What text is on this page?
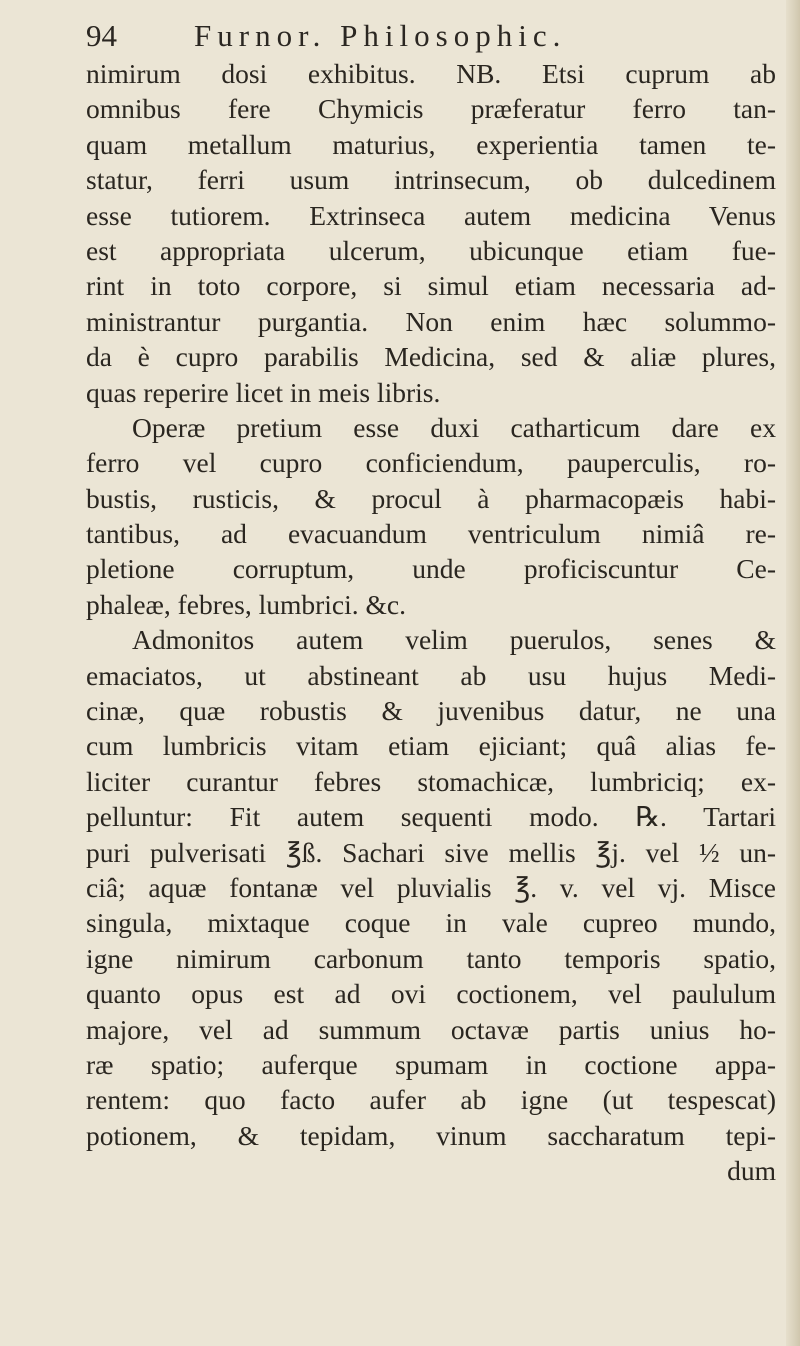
94 Furnor. Philosophic.
nimirum dosi exhibitus. NB. Etsi cuprum ab
omnibus fere Chymicis præferatur ferro tan-
quam metallum maturius, experientia tamen te-
statur, ferri usum intrinsecum, ob dulcedinem
esse tutiorem. Extrinseca autem medicina Venus
est appropriata ulcerum, ubicunque etiam fue-
rint in toto corpore, si simul etiam necessaria ad-
ministrantur purgantia. Non enim hæc solummo-
da è cupro parabilis Medicina, sed & aliæ plures,
quas reperire licet in meis libris.
Operæ pretium esse duxi catharticum dare ex
ferro vel cupro conficiendum, pauperculis, ro-
bustis, rusticis, & procul à pharmacopæis habi-
tantibus, ad evacuandum ventriculum nimiâ re-
pletione corruptum, unde proficiscuntur Ce-
phaleæ, febres, lumbrici. &c.
Admonitos autem velim puerulos, senes &
emaciatos, ut abstineant ab usu hujus Medi-
cinæ, quæ robustis & juvenibus datur, ne una
cum lumbricis vitam etiam ejiciant; quâ alias fe-
liciter curantur febres stomachicæ, lumbriciq; ex-
pelluntur: Fit autem sequenti modo. ℞. Tartari
puri pulverisati ℥ß. Sachari sive mellis ℥j. vel ½ un-
ciâ; aquæ fontanæ vel pluvialis ℥. v. vel vj. Misce
singula, mixtaque coque in vale cupreo mundo,
igne nimirum carbonum tanto temporis spatio,
quanto opus est ad ovi coctionem, vel paululum
majore, vel ad summum octavæ partis unius ho-
ræ spatio; auferque spumam in coctione appa-
rentem: quo facto aufer ab igne (ut tespescat)
potionem, & tepidam, vinum saccharatum tepi-
dum
